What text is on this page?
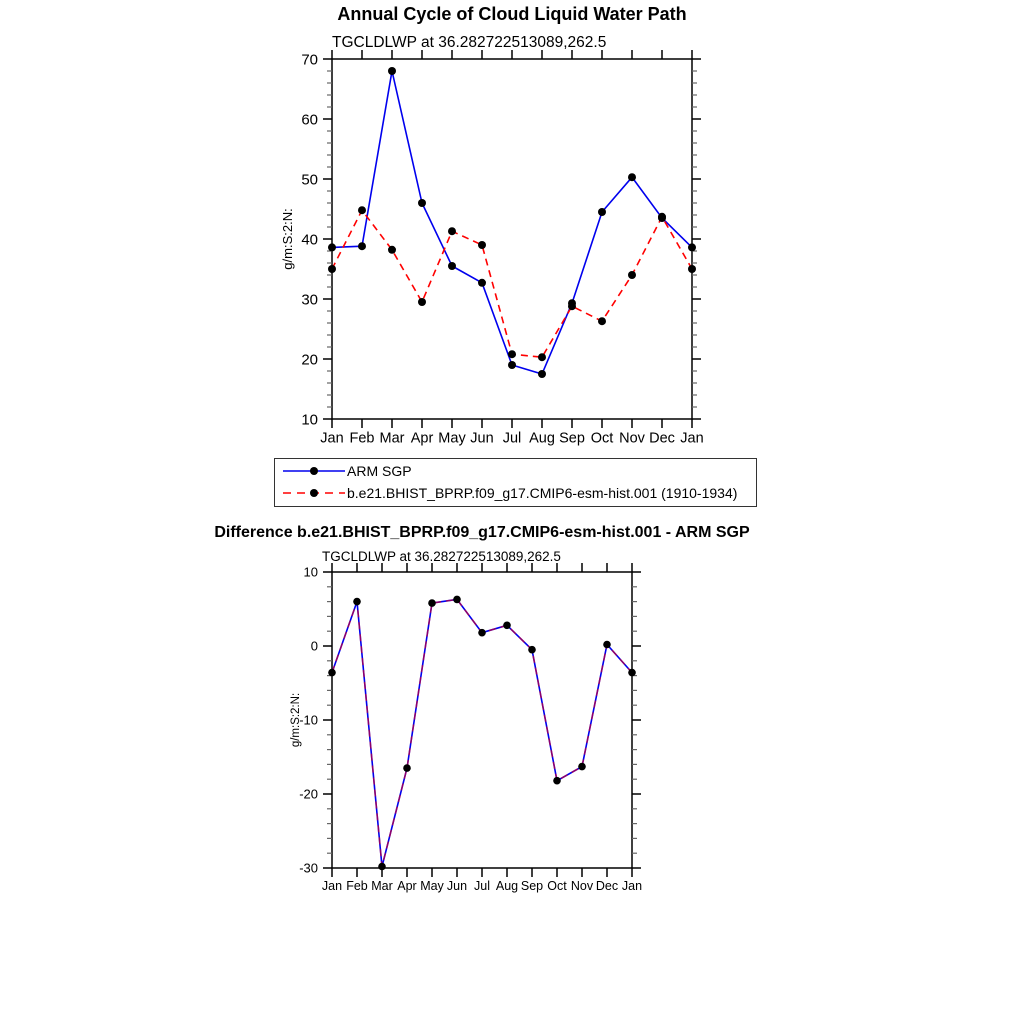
Annual Cycle of Cloud Liquid Water Path
TGCLDLWP at 36.282722513089,262.5
g/m:S:2:N:
10
20
30
40
50
60
70
Jan Feb Mar Apr May Jun Jul Aug Sep Oct Nov Dec Jan
-30
-20
-10
0
10
Jan Feb Mar Apr May Jun Jul Aug Sep Oct Nov Dec Jan
ARM SGP
b.e21.BHIST_BPRP.f09_g17.CMIP6-esm-hist.001 (1910-1934)
Difference b.e21.BHIST_BPRP.f09_g17.CMIP6-esm-hist.001 - ARM SGP
TGCLDLWP at 36.282722513089,262.5
g/m:S:2:N:
